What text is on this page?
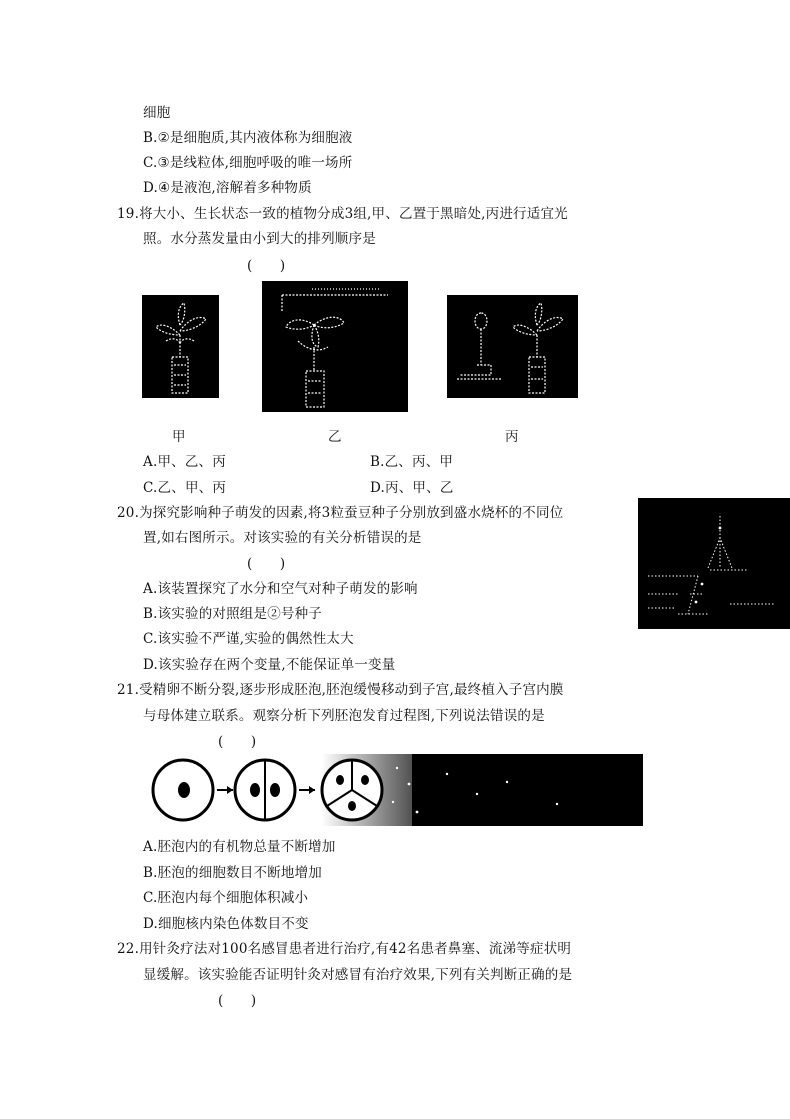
细胞
B.②是细胞质,其内液体称为细胞液
C.③是线粒体,细胞呼吸的唯一场所
D.④是液泡,溶解着多种物质
19.将大小、生长状态一致的植物分成3组,甲、乙置于黑暗处,丙进行适宜光
照。水分蒸发量由小到大的排列顺序是
(　　)
甲	乙	丙
A.甲、乙、丙	B.乙、丙、甲
C.乙、甲、丙	D.丙、甲、乙
20.为探究影响种子萌发的因素,将3粒蚕豆种子分别放到盛水烧杯的不同位
置,如右图所示。对该实验的有关分析错误的是
(　　)
A.该装置探究了水分和空气对种子萌发的影响
B.该实验的对照组是②号种子
C.该实验不严谨,实验的偶然性太大
D.该实验存在两个变量,不能保证单一变量
21.受精卵不断分裂,逐步形成胚泡,胚泡缓慢移动到子宫,最终植入子宫内膜
与母体建立联系。观察分析下列胚泡发育过程图,下列说法错误的是
(　　)
A.胚泡内的有机物总量不断增加
B.胚泡的细胞数目不断地增加
C.胚泡内每个细胞体积减小
D.细胞核内染色体数目不变
22.用针灸疗法对100名感冒患者进行治疗,有42名患者鼻塞、流涕等症状明
显缓解。该实验能否证明针灸对感冒有治疗效果,下列有关判断正确的是
(　　)
